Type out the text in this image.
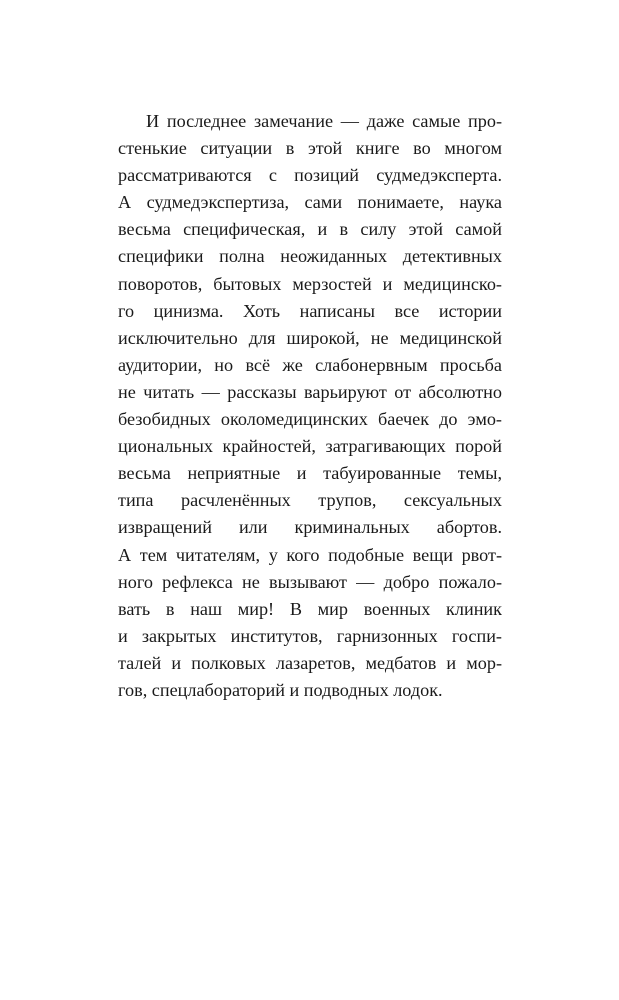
И последнее замечание — даже самые про-
стенькие ситуации в этой книге во многом
рассматриваются с позиций судмедэксперта.
А судмедэкспертиза, сами понимаете, наука
весьма специфическая, и в силу этой самой
специфики полна неожиданных детективных
поворотов, бытовых мерзостей и медицинско-
го цинизма. Хоть написаны все истории
исключительно для широкой, не медицинской
аудитории, но всё же слабонервным просьба
не читать — рассказы варьируют от абсолютно
безобидных околомедицинских баечек до эмо-
циональных крайностей, затрагивающих порой
весьма неприятные и табуированные темы,
типа расчленённых трупов, сексуальных
извращений или криминальных абортов.
А тем читателям, у кого подобные вещи рвот-
ного рефлекса не вызывают — добро пожало-
вать в наш мир! В мир военных клиник
и закрытых институтов, гарнизонных госпи-
талей и полковых лазаретов, медбатов и мор-
гов, спецлабораторий и подводных лодок.
